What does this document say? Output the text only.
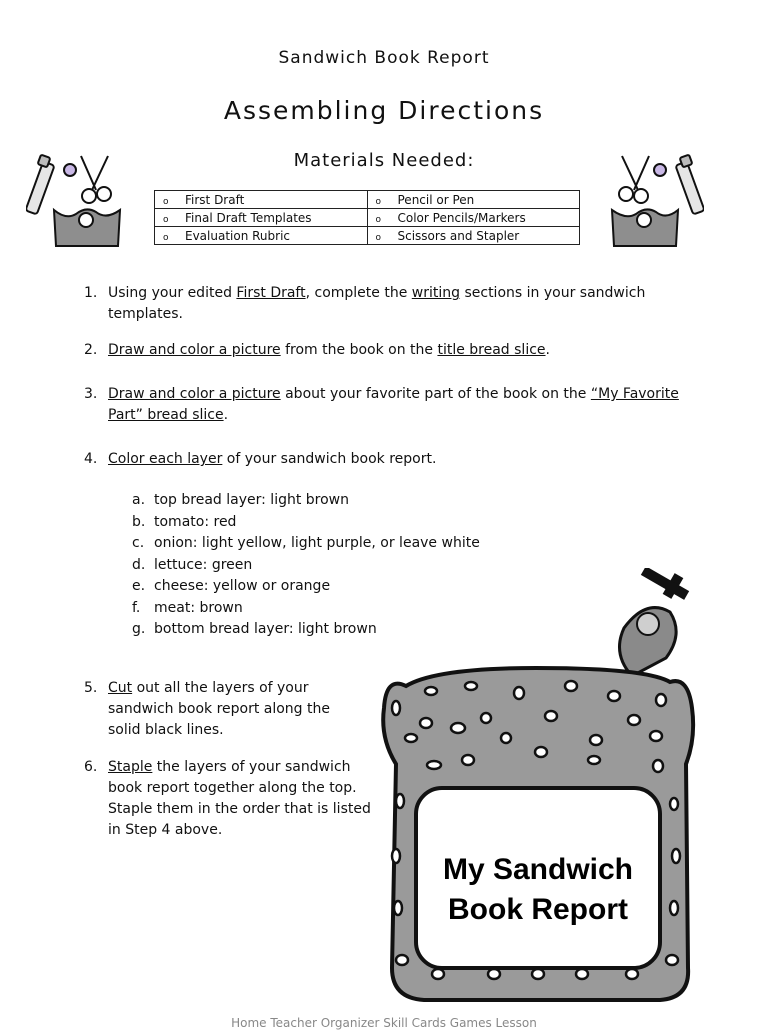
Sandwich Book Report
Assembling Directions
Materials Needed:
o First Draft	o Pencil or Pen
o Final Draft Templates	o Color Pencils/Markers
o Evaluation Rubric	o Scissors and Stapler
1. Using your edited First Draft, complete the writing sections in your sandwich templates.
2. Draw and color a picture from the book on the title bread slice.
3. Draw and color a picture about your favorite part of the book on the “My Favorite Part” bread slice.
4. Color each layer of your sandwich book report.
a. top bread layer: light brown
b. tomato: red
c. onion: light yellow, light purple, or leave white
d. lettuce: green
e. cheese: yellow or orange
f. meat: brown
g. bottom bread layer: light brown
5. Cut out all the layers of your sandwich book report along the solid black lines.
6. Staple the layers of your sandwich book report together along the top. Staple them in the order that is listed in Step 4 above.
My Sandwich
Book Report
Home Teacher Organizer Skill Cards Games Lesson
